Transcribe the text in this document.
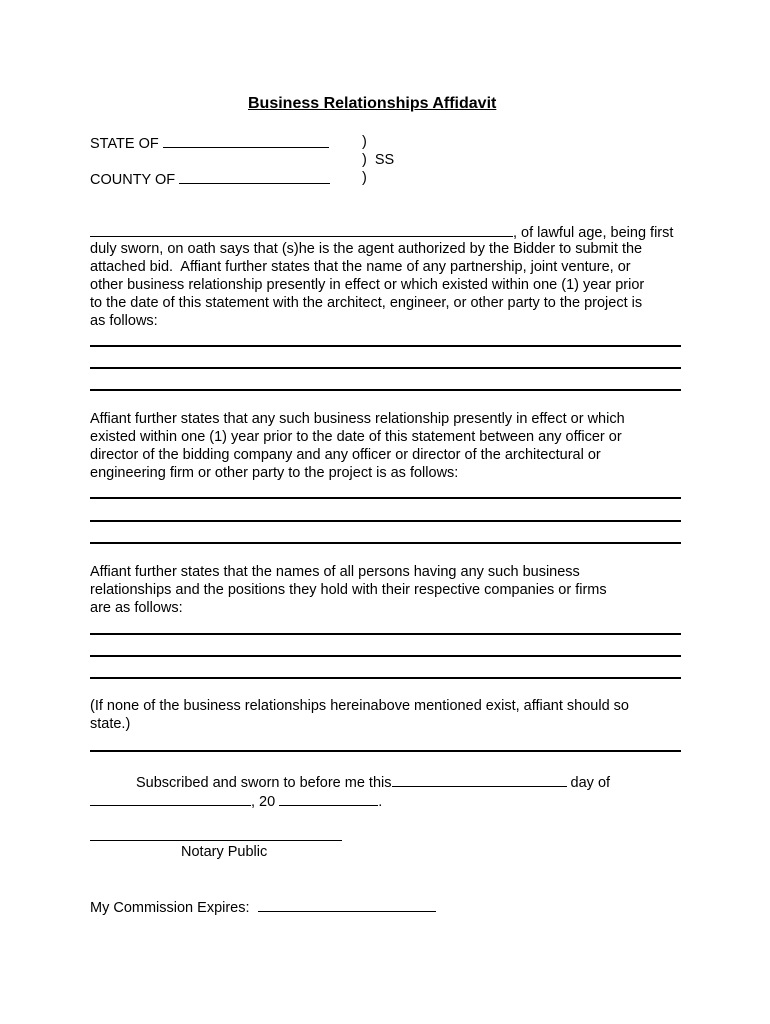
Business Relationships Affidavit
STATE OF	)
)  SS
COUNTY OF	)
, of lawful age, being first
duly sworn, on oath says that (s)he is the agent authorized by the Bidder to submit the
attached bid.  Affiant further states that the name of any partnership, joint venture, or
other business relationship presently in effect or which existed within one (1) year prior
to the date of this statement with the architect, engineer, or other party to the project is
as follows:
Affiant further states that any such business relationship presently in effect or which
existed within one (1) year prior to the date of this statement between any officer or
director of the bidding company and any officer or director of the architectural or
engineering firm or other party to the project is as follows:
Affiant further states that the names of all persons having any such business
relationships and the positions they hold with their respective companies or firms
are as follows:
(If none of the business relationships hereinabove mentioned exist, affiant should so
state.)
Subscribed and sworn to before me this	day of
, 20	.
Notary Public
My Commission Expires:
